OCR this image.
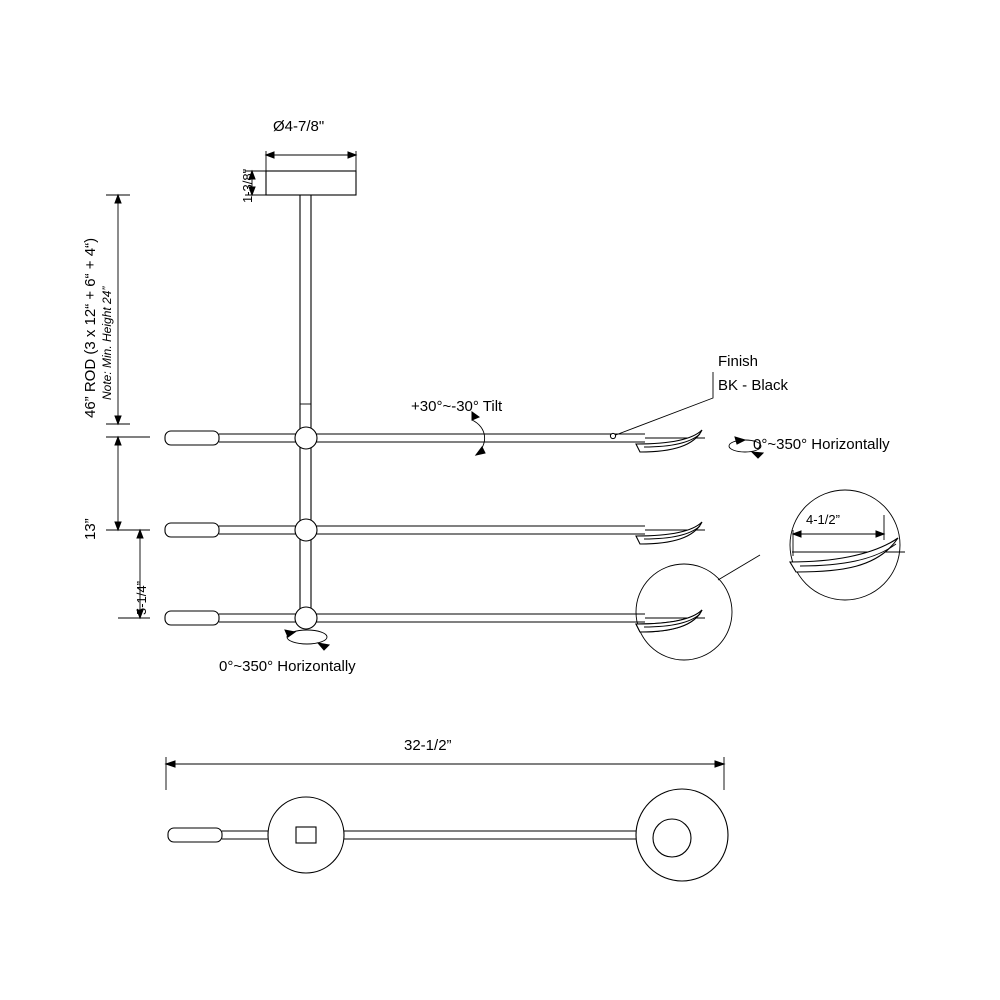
Ø4-7/8"
1-3/8"
46” ROD (3 x 12“ + 6“ + 4“) Note: Min. Height 24”
13”
5-1/4”
+30°~-30° Tilt
Finish
BK - Black
0°~350° Horizontally
0°~350° Horizontally
4-1/2”
32-1/2”
